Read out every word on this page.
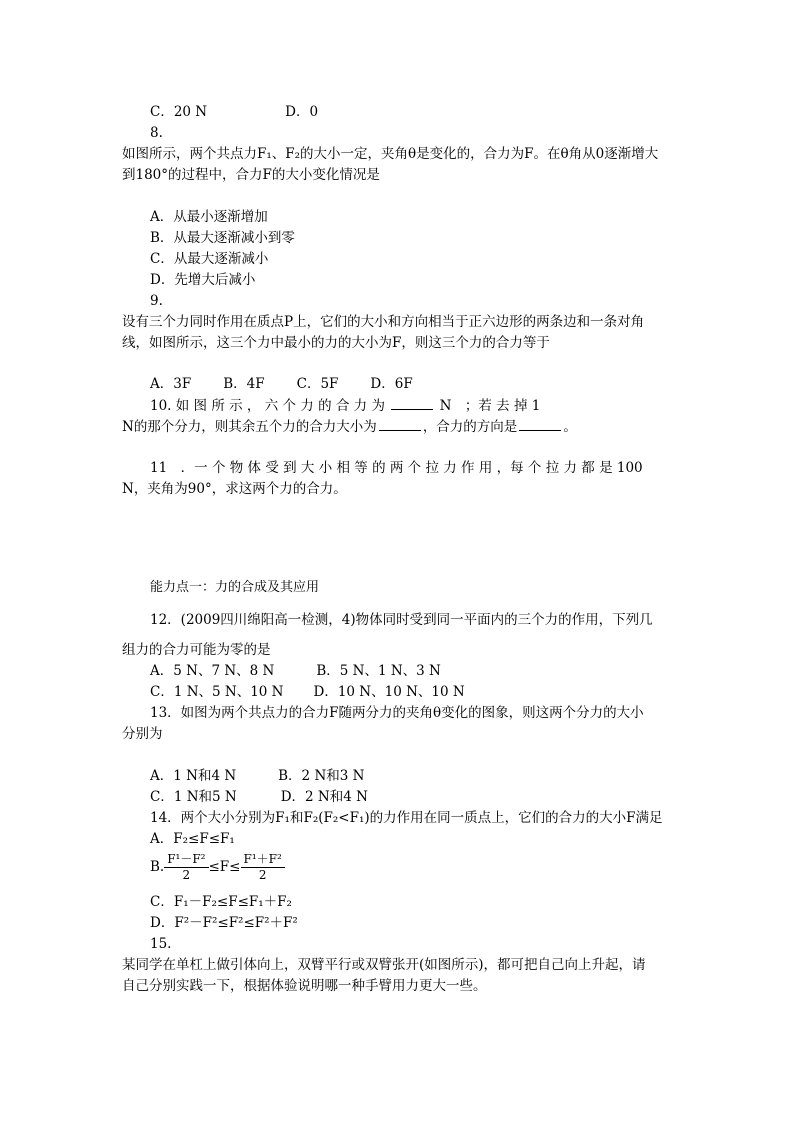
C．20 N	D．0
8.
如图所示，两个共点力F₁、F₂的大小一定，夹角θ是变化的，合力为F。在θ角从0逐渐增大
到180°的过程中，合力F的大小变化情况是
A．从最小逐渐增加
B．从最大逐渐减小到零
C．从最大逐渐减小
D．先增大后减小
9.
设有三个力同时作用在质点P上，它们的大小和方向相当于正六边形的两条边和一条对角
线，如图所示，这三个力中最小的力的大小为F，则这三个力的合力等于
A．3F B．4F C．5F D．6F
10. 如 图 所 示 ， 六 个 力 的 合 力 为	N　；若 去 掉 1
N的那个分力，则其余五个力的合力大小为	，合力的方向是	。
11　．一 个 物 体 受 到 大 小 相 等 的 两 个 拉 力 作 用 ，每 个 拉 力 都 是 100
N，夹角为90°，求这两个力的合力。
能力点一：力的合成及其应用
12．(2009四川绵阳高一检测，4)物体同时受到同一平面内的三个力的作用，下列几
组力的合力可能为零的是
A．5 N、7 N、8 N	B．5 N、1 N、3 N
C．1 N、5 N、10 N D．10 N、10 N、10 N
13．如图为两个共点力的合力F随两分力的夹角θ变化的图象，则这两个分力的大小
分别为
A．1 N和4 N	B．2 N和3 N
C．1 N和5 N	D．2 N和4 N
14．两个大小分别为F₁和F₂(F₂<F₁)的力作用在同一质点上，它们的合力的大小F满足
A．F₂≤F≤F₁
B. $\frac{\text{F¹－F²}}{2} \le F\le \frac{\text{F¹＋F²}}{2}$
C．F₁－F₂≤F≤F₁＋F₂
D．F²－F²≤F²≤F²＋F²
15.
某同学在单杠上做引体向上，双臂平行或双臂张开(如图所示)，都可把自己向上升起，请
自己分别实践一下，根据体验说明哪一种手臂用力更大一些。
